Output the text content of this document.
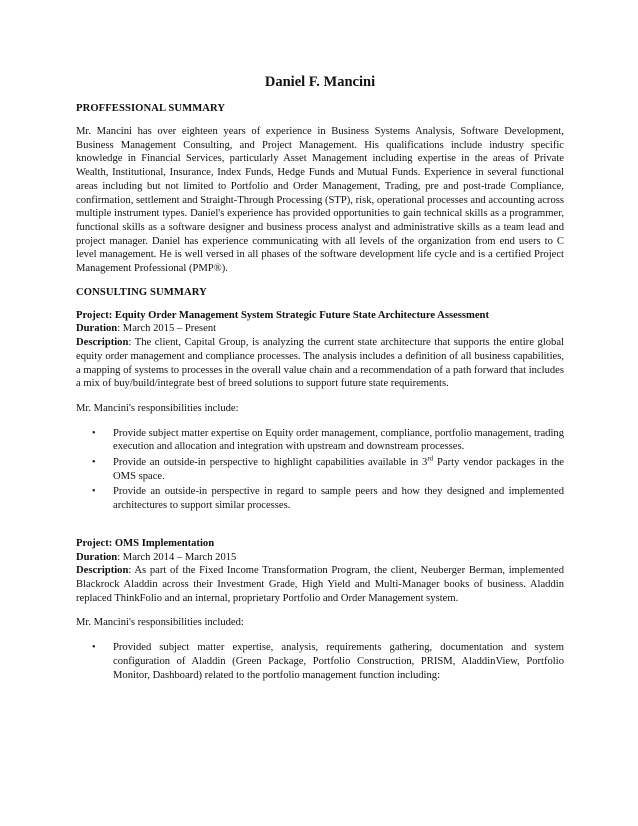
Daniel F. Mancini
PROFFESSIONAL SUMMARY

Mr. Mancini has over eighteen years of experience in Business Systems Analysis, Software Development, Business Management Consulting, and Project Management. His qualifications include industry specific knowledge in Financial Services, particularly Asset Management including expertise in the areas of Private Wealth, Institutional, Insurance, Index Funds, Hedge Funds and Mutual Funds. Experience in several functional areas including but not limited to Portfolio and Order Management, Trading, pre and post-trade Compliance, confirmation, settlement and Straight-Through Processing (STP), risk, operational processes and accounting across multiple instrument types. Daniel's experience has provided opportunities to gain technical skills as a programmer, functional skills as a software designer and business process analyst and administrative skills as a team lead and project manager. Daniel has experience communicating with all levels of the organization from end users to C level management. He is well versed in all phases of the software development life cycle and is a certified Project Management Professional (PMP®).

CONSULTING SUMMARY
Project: Equity Order Management System Strategic Future State Architecture Assessment

Duration: March 2015 – Present

Description: The client, Capital Group, is analyzing the current state architecture that supports the entire global equity order management and compliance processes. The analysis includes a definition of all business capabilities, a mapping of systems to processes in the overall value chain and a recommendation of a path forward that includes a mix of buy/build/integrate best of breed solutions to support future state requirements.

Mr. Mancini's responsibilities include:

• Provide subject matter expertise on Equity order management, compliance, portfolio management, trading execution and allocation and integration with upstream and downstream processes.
• Provide an outside-in perspective to highlight capabilities available in 3rd Party vendor packages in the OMS space.
• Provide an outside-in perspective in regard to sample peers and how they designed and implemented architectures to support similar processes.
Project: OMS Implementation

Duration: March 2014 – March 2015

Description: As part of the Fixed Income Transformation Program, the client, Neuberger Berman, implemented Blackrock Aladdin across their Investment Grade, High Yield and Multi-Manager books of business. Aladdin replaced ThinkFolio and an internal, proprietary Portfolio and Order Management system.

Mr. Mancini's responsibilities included:

• Provided subject matter expertise, analysis, requirements gathering, documentation and system configuration of Aladdin (Green Package, Portfolio Construction, PRISM, AladdinView, Portfolio Monitor, Dashboard) related to the portfolio management function including:
